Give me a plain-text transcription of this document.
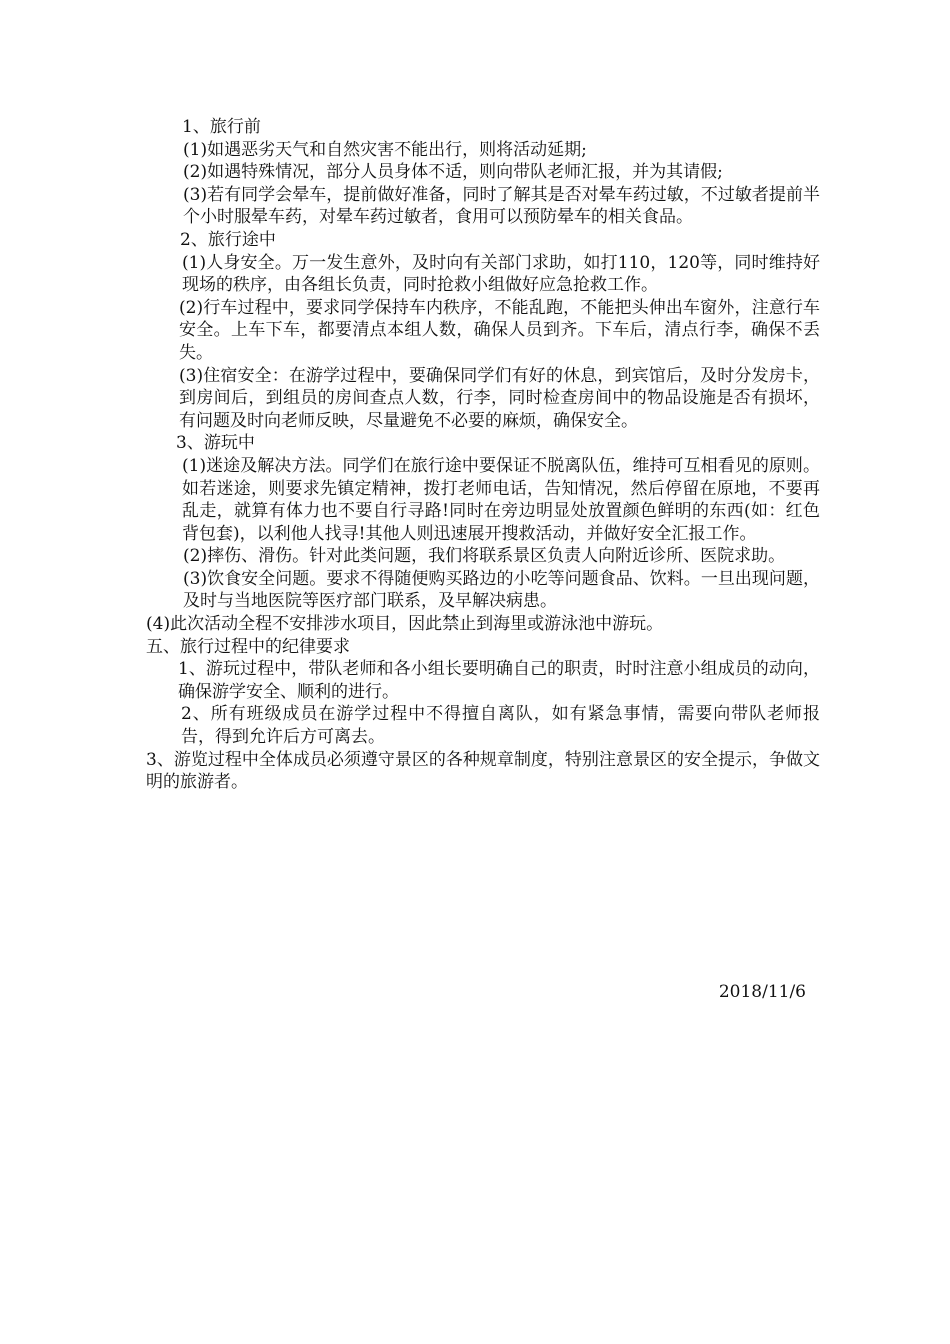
1、旅行前

(1)如遇恶劣天气和自然灾害不能出行，则将活动延期;

(2)如遇特殊情况，部分人员身体不适，则向带队老师汇报，并为其请假;

(3)若有同学会晕车，提前做好准备，同时了解其是否对晕车药过敏，不过敏者提前半个小时服晕车药，对晕车药过敏者，食用可以预防晕车的相关食品。

2、旅行途中

(1)人身安全。万一发生意外，及时向有关部门求助，如打110，120等，同时维持好现场的秩序，由各组长负责，同时抢救小组做好应急抢救工作。

(2)行车过程中，要求同学保持车内秩序，不能乱跑，不能把头伸出车窗外，注意行车安全。上车下车，都要清点本组人数，确保人员到齐。下车后，清点行李，确保不丢失。

(3)住宿安全：在游学过程中，要确保同学们有好的休息，到宾馆后，及时分发房卡，到房间后，到组员的房间查点人数，行李，同时检查房间中的物品设施是否有损坏，有问题及时向老师反映，尽量避免不必要的麻烦，确保安全。

3、游玩中

(1)迷途及解决方法。同学们在旅行途中要保证不脱离队伍，维持可互相看见的原则。如若迷途，则要求先镇定精神，拨打老师电话，告知情况，然后停留在原地，不要再乱走，就算有体力也不要自行寻路!同时在旁边明显处放置颜色鲜明的东西(如：红色背包套)，以利他人找寻!其他人则迅速展开搜救活动，并做好安全汇报工作。

(2)摔伤、滑伤。针对此类问题，我们将联系景区负责人向附近诊所、医院求助。

(3)饮食安全问题。要求不得随便购买路边的小吃等问题食品、饮料。一旦出现问题，及时与当地医院等医疗部门联系，及早解决病患。

(4)此次活动全程不安排涉水项目，因此禁止到海里或游泳池中游玩。

五、旅行过程中的纪律要求

1、游玩过程中，带队老师和各小组长要明确自己的职责，时时注意小组成员的动向，确保游学安全、顺利的进行。

2、所有班级成员在游学过程中不得擅自离队，如有紧急事情，需要向带队老师报告，得到允许后方可离去。

3、游览过程中全体成员必须遵守景区的各种规章制度，特别注意景区的安全提示，争做文明的旅游者。

2018/11/6
